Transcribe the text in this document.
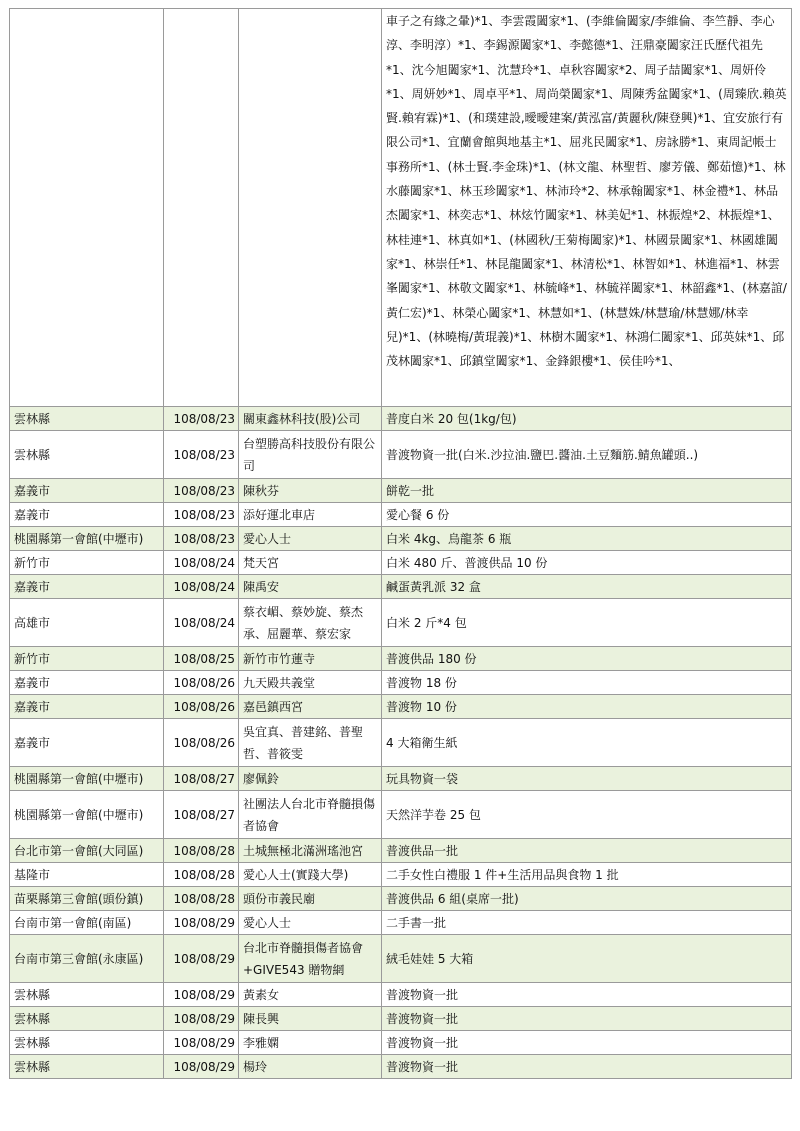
			車子之有緣之暈)*1、李雲霞闔家*1、(李維倫闔家/李維倫、李竺靜、李心淳、李明淳）*1、李錫源闔家*1、李懿德*1、汪鼎豪闔家汪氏歷代祖先*1、沈今旭闔家*1、沈慧玲*1、卓秋容闔家*2、周子喆闔家*1、周妍伶*1、周妍妙*1、周卓平*1、周尚榮闔家*1、周陳秀盆闔家*1、(周臻欣.賴英賢.賴宥霖)*1、(和璞建設,曖曖建案/黃泓富/黃麗秋/陳登興)*1、宜安旅行有限公司*1、宜蘭會館與地基主*1、屈兆民闔家*1、房詠勝*1、東周記帳士事務所*1、(林士賢.李金珠)*1、(林文龍、林聖哲、廖芳儀、鄭茹憶)*1、林水藤闔家*1、林玉珍闔家*1、林沛玲*2、林承翰闔家*1、林金禮*1、林品杰闔家*1、林奕志*1、林炫竹闔家*1、林美妃*1、林振煌*2、林振煌*1、林桂連*1、林真如*1、(林國秋/王菊梅闔家)*1、林國景闔家*1、林國雄闔家*1、林崇任*1、林昆龍闔家*1、林清松*1、林智如*1、林進福*1、林雲峯闔家*1、林敬文闔家*1、林毓峰*1、林毓祥闔家*1、林韶鑫*1、(林嘉誼/黃仁宏)*1、林榮心闔家*1、林慧如*1、(林慧姝/林慧瑜/林慧娜/林幸兒)*1、(林曉梅/黃琨義)*1、林樹木闔家*1、林鴻仁闔家*1、邱英妹*1、邱茂林闔家*1、邱鎮堂闔家*1、金鋒銀樓*1、侯佳吟*1、
雲林縣	108/08/23	關東鑫林科技(股)公司	普度白米 20 包(1kg/包)
雲林縣	108/08/23	台塑勝高科技股份有限公司	普渡物資一批(白米.沙拉油.鹽巴.醬油.土豆麵筋.鯖魚罐頭..)
嘉義市	108/08/23	陳秋芬	餅乾一批
嘉義市	108/08/23	添好運北車店	愛心餐 6 份
桃園縣第一會館(中壢市)	108/08/23	愛心人士	白米 4kg、烏龍茶 6 瓶
新竹市	108/08/24	梵天宮	白米 480 斤、普渡供品 10 份
嘉義市	108/08/24	陳禹安	鹹蛋黃乳派 32 盒
高雄市	108/08/24	蔡衣嵋、蔡妙旋、蔡杰承、屈麗華、蔡宏家	白米 2 斤*4 包
新竹市	108/08/25	新竹市竹蓮寺	普渡供品 180 份
嘉義市	108/08/26	九天殿共義堂	普渡物 18 份
嘉義市	108/08/26	嘉邑鎮西宮	普渡物 10 份
嘉義市	108/08/26	吳宜真、普建銘、普聖哲、普筱雯	4 大箱衛生紙
桃園縣第一會館(中壢市)	108/08/27	廖佩鈴	玩具物資一袋
桃園縣第一會館(中壢市)	108/08/27	社團法人台北市脊髓損傷者協會	天然洋芋卷 25 包
台北市第一會館(大同區)	108/08/28	土城無極北滿洲瑤池宮	普渡供品一批
基隆市	108/08/28	愛心人士(實踐大學)	二手女性白禮服 1 件+生活用品與食物 1 批
苗栗縣第三會館(頭份鎮)	108/08/28	頭份市義民廟	普渡供品 6 組(桌席一批)
台南市第一會館(南區)	108/08/29	愛心人士	二手書一批
台南市第三會館(永康區)	108/08/29	台北市脊髓損傷者協會+GIVE543 贈物網	絨毛娃娃 5 大箱
雲林縣	108/08/29	黃素女	普渡物資一批
雲林縣	108/08/29	陳長興	普渡物資一批
雲林縣	108/08/29	李雅嫻	普渡物資一批
雲林縣	108/08/29	楊玲	普渡物資一批
